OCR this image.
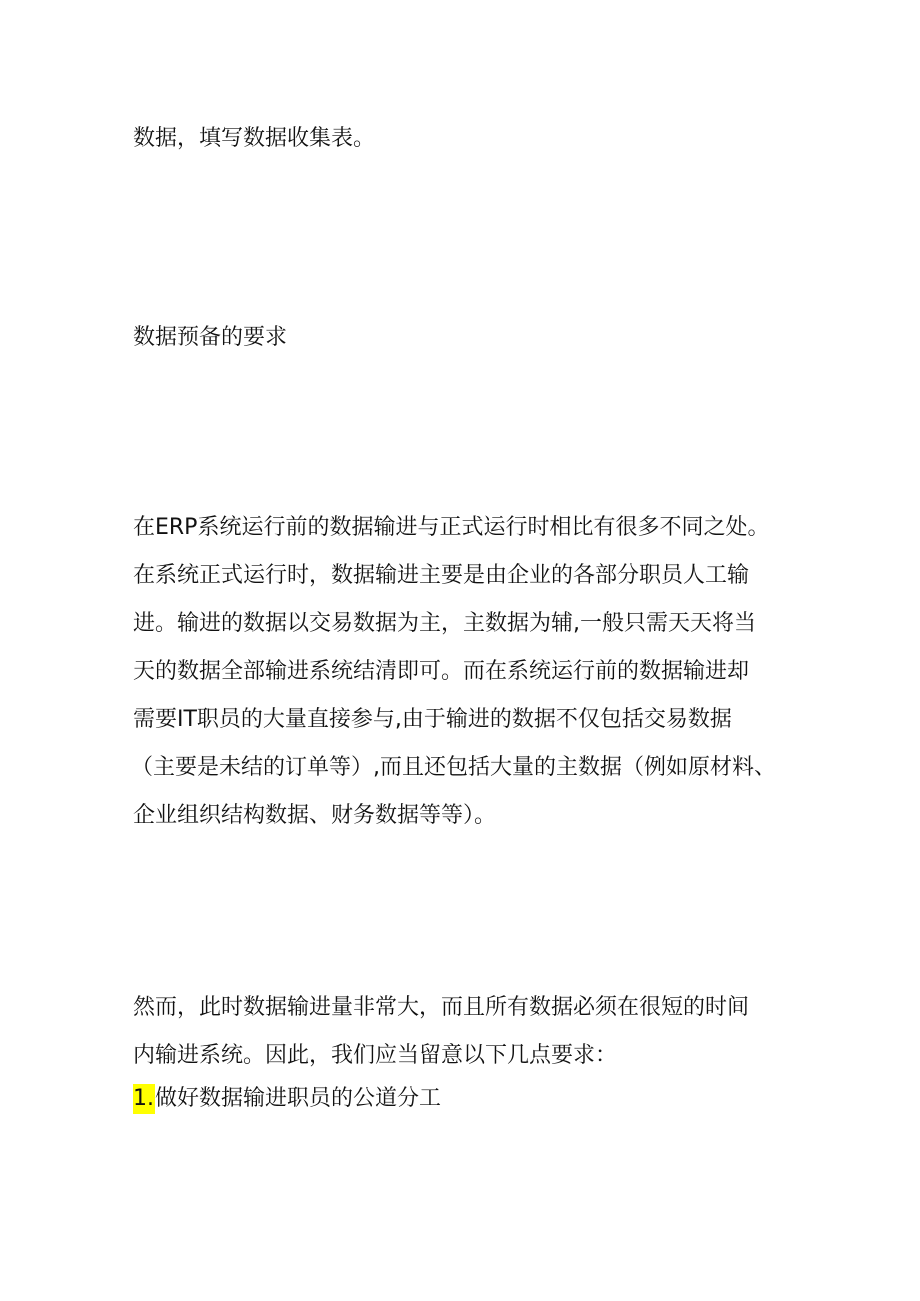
数据，填写数据收集表。
数据预备的要求
在ERP系统运行前的数据输进与正式运行时相比有很多不同之处。
在系统正式运行时，数据输进主要是由企业的各部分职员人工输
进。输进的数据以交易数据为主，主数据为辅,一般只需天天将当
天的数据全部输进系统结清即可。而在系统运行前的数据输进却
需要IT职员的大量直接参与,由于输进的数据不仅包括交易数据
（主要是未结的订单等）,而且还包括大量的主数据（例如原材料、
企业组织结构数据、财务数据等等）。
然而，此时数据输进量非常大，而且所有数据必须在很短的时间
内输进系统。因此，我们应当留意以下几点要求：
1.做好数据输进职员的公道分工
